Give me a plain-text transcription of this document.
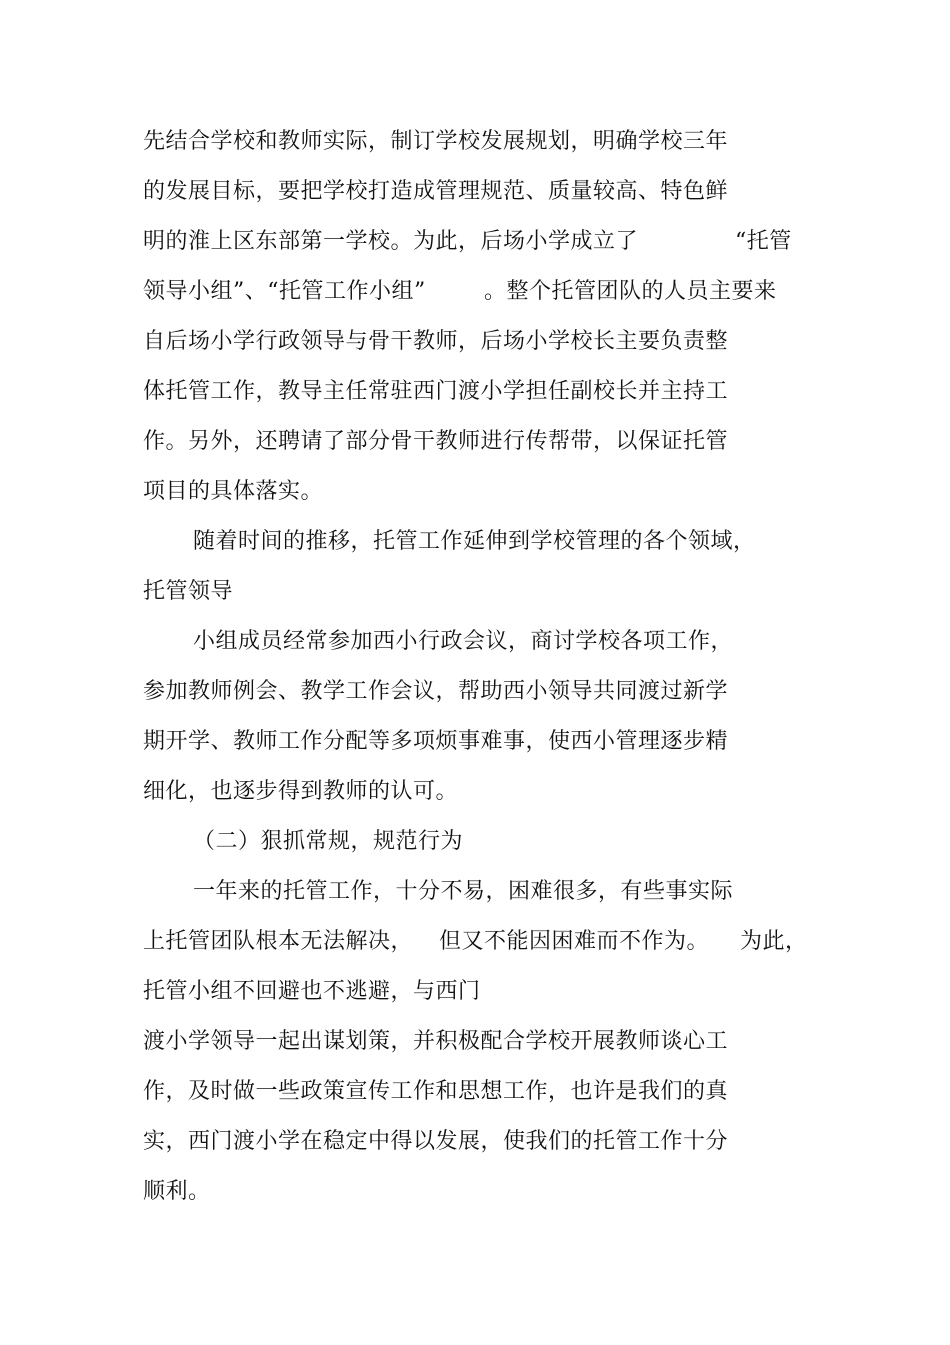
先结合学校和教师实际，制订学校发展规划，明确学校三年
的发展目标，要把学校打造成管理规范、质量较高、特色鲜
明的淮上区东部第一学校。为此，后场小学成立了	“托管
领导小组”、“托管工作小组”	。整个托管团队的人员主要来
自后场小学行政领导与骨干教师，后场小学校长主要负责整
体托管工作，教导主任常驻西门渡小学担任副校长并主持工
作。另外，还聘请了部分骨干教师进行传帮带，以保证托管
项目的具体落实。
随着时间的推移，托管工作延伸到学校管理的各个领域，
托管领导
小组成员经常参加西小行政会议，商讨学校各项工作，
参加教师例会、教学工作会议，帮助西小领导共同渡过新学
期开学、教师工作分配等多项烦事难事，使西小管理逐步精
细化，也逐步得到教师的认可。
（二）狠抓常规，规范行为
一年来的托管工作，十分不易，困难很多，有些事实际
上托管团队根本无法解决， 但又不能因困难而不作为。 为此，
托管小组不回避也不逃避，与西门
渡小学领导一起出谋划策，并积极配合学校开展教师谈心工
作，及时做一些政策宣传工作和思想工作，也许是我们的真
实，西门渡小学在稳定中得以发展，使我们的托管工作十分
顺利。
